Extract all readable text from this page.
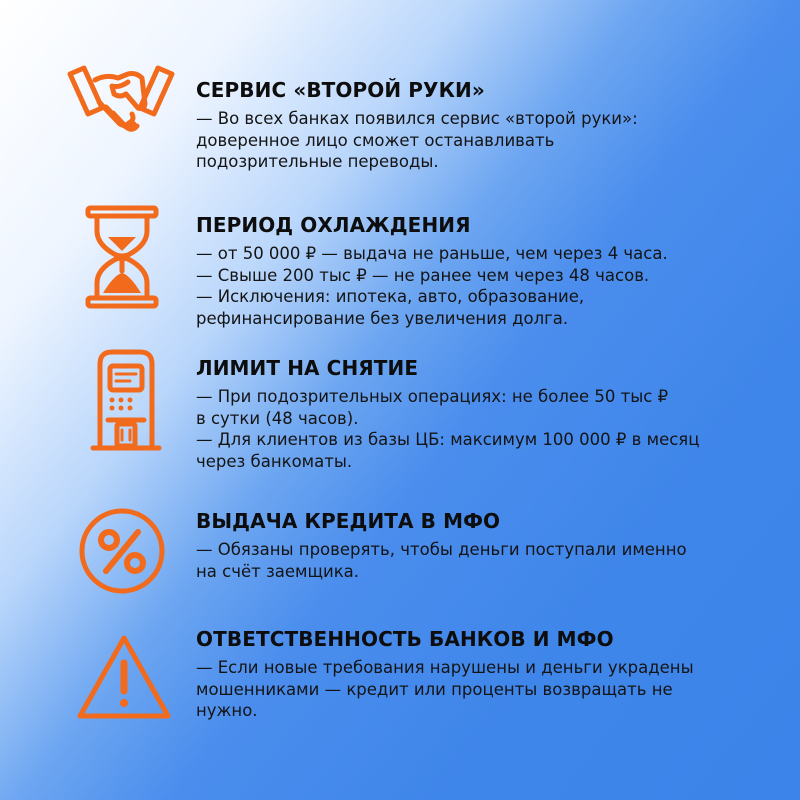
СЕРВИС «ВТОРОЙ РУКИ»
— Во всех банках появился сервис «второй руки»:
доверенное лицо сможет останавливать
подозрительные переводы.
ПЕРИОД ОХЛАЖДЕНИЯ
— от 50 000 ₽ — выдача не раньше, чем через 4 часа.
— Свыше 200 тыс ₽ — не ранее чем через 48 часов.
— Исключения: ипотека, авто, образование,
рефинансирование без увеличения долга.
ЛИМИТ НА СНЯТИЕ
— При подозрительных операциях: не более 50 тыс ₽
в сутки (48 часов).
— Для клиентов из базы ЦБ: максимум 100 000 ₽ в месяц
через банкоматы.
ВЫДАЧА КРЕДИТА В МФО
— Обязаны проверять, чтобы деньги поступали именно
на счёт заемщика.
ОТВЕТСТВЕННОСТЬ БАНКОВ И МФО
— Если новые требования нарушены и деньги украдены
мошенниками — кредит или проценты возвращать не
нужно.
